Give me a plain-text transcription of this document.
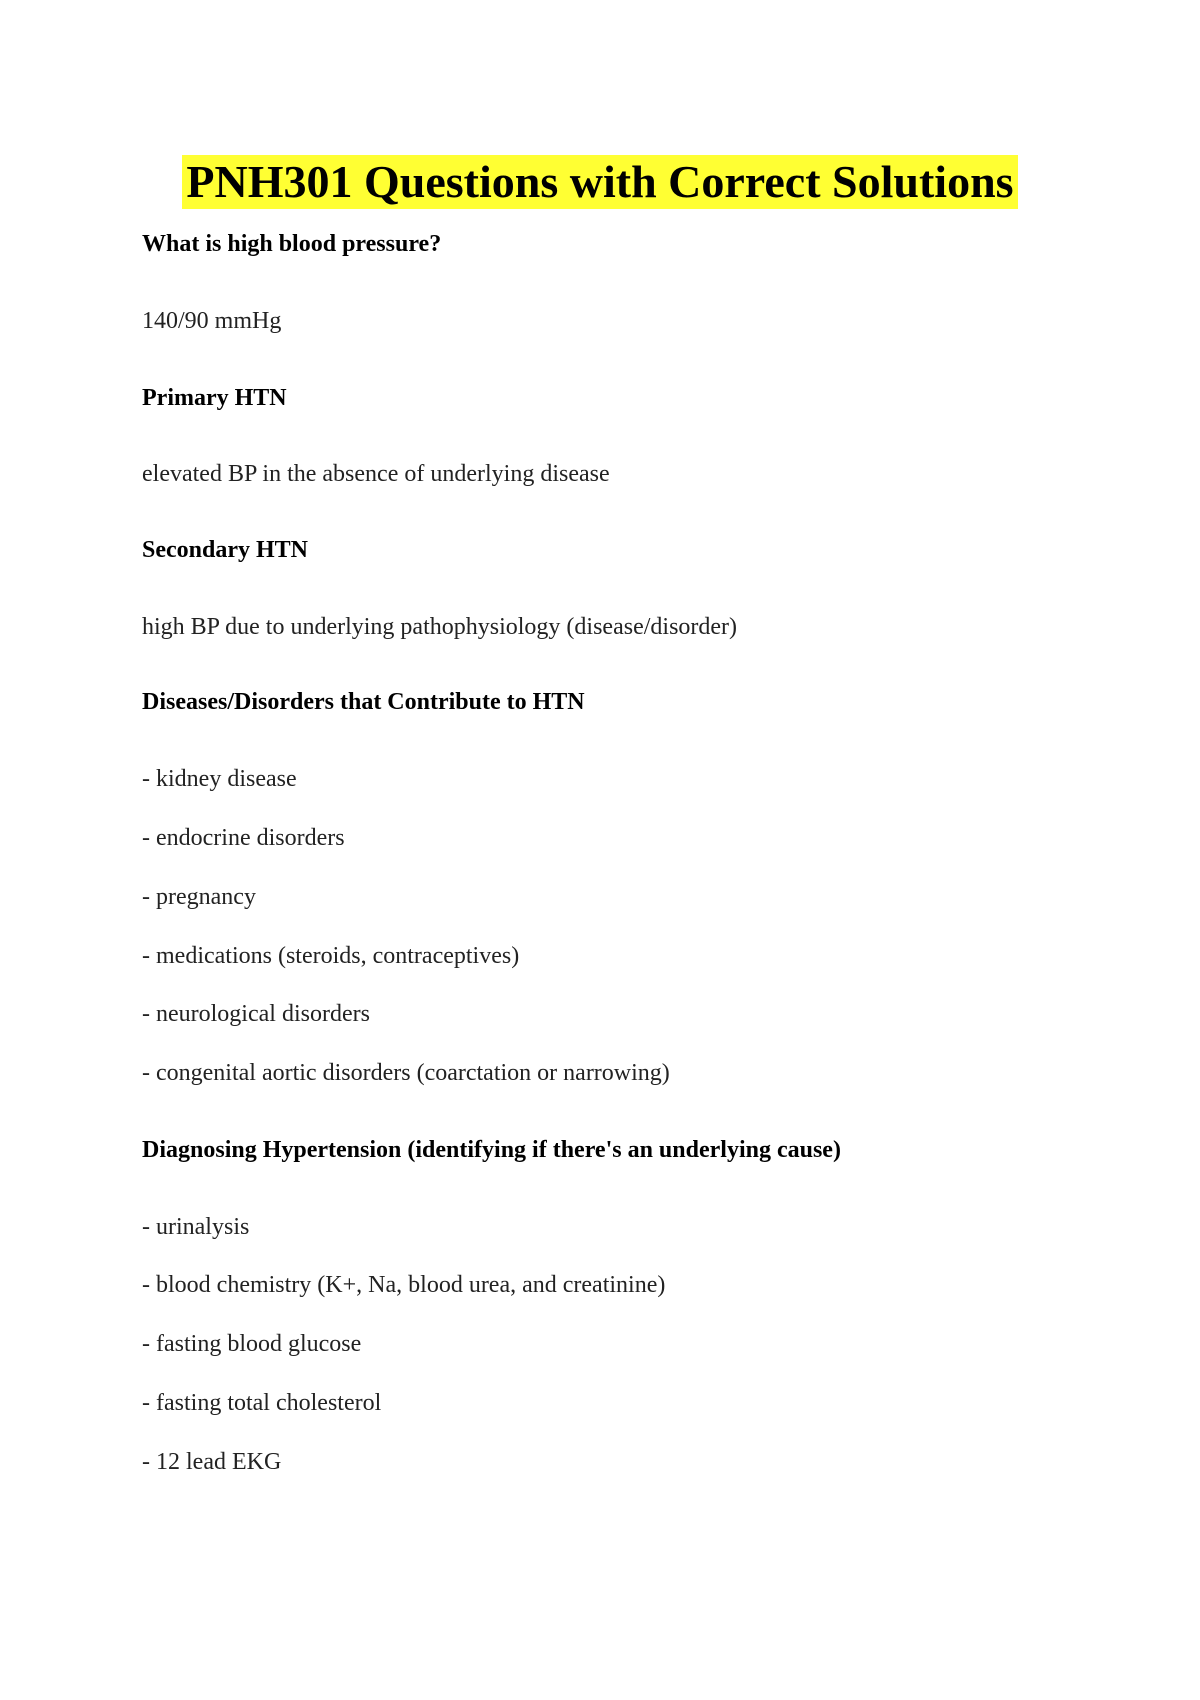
PNH301 Questions with Correct Solutions
What is high blood pressure?
140/90 mmHg
Primary HTN
elevated BP in the absence of underlying disease
Secondary HTN
high BP due to underlying pathophysiology (disease/disorder)
Diseases/Disorders that Contribute to HTN
- kidney disease
- endocrine disorders
- pregnancy
- medications (steroids, contraceptives)
- neurological disorders
- congenital aortic disorders (coarctation or narrowing)
Diagnosing Hypertension (identifying if there's an underlying cause)
- urinalysis
- blood chemistry (K+, Na, blood urea, and creatinine)
- fasting blood glucose
- fasting total cholesterol
- 12 lead EKG
